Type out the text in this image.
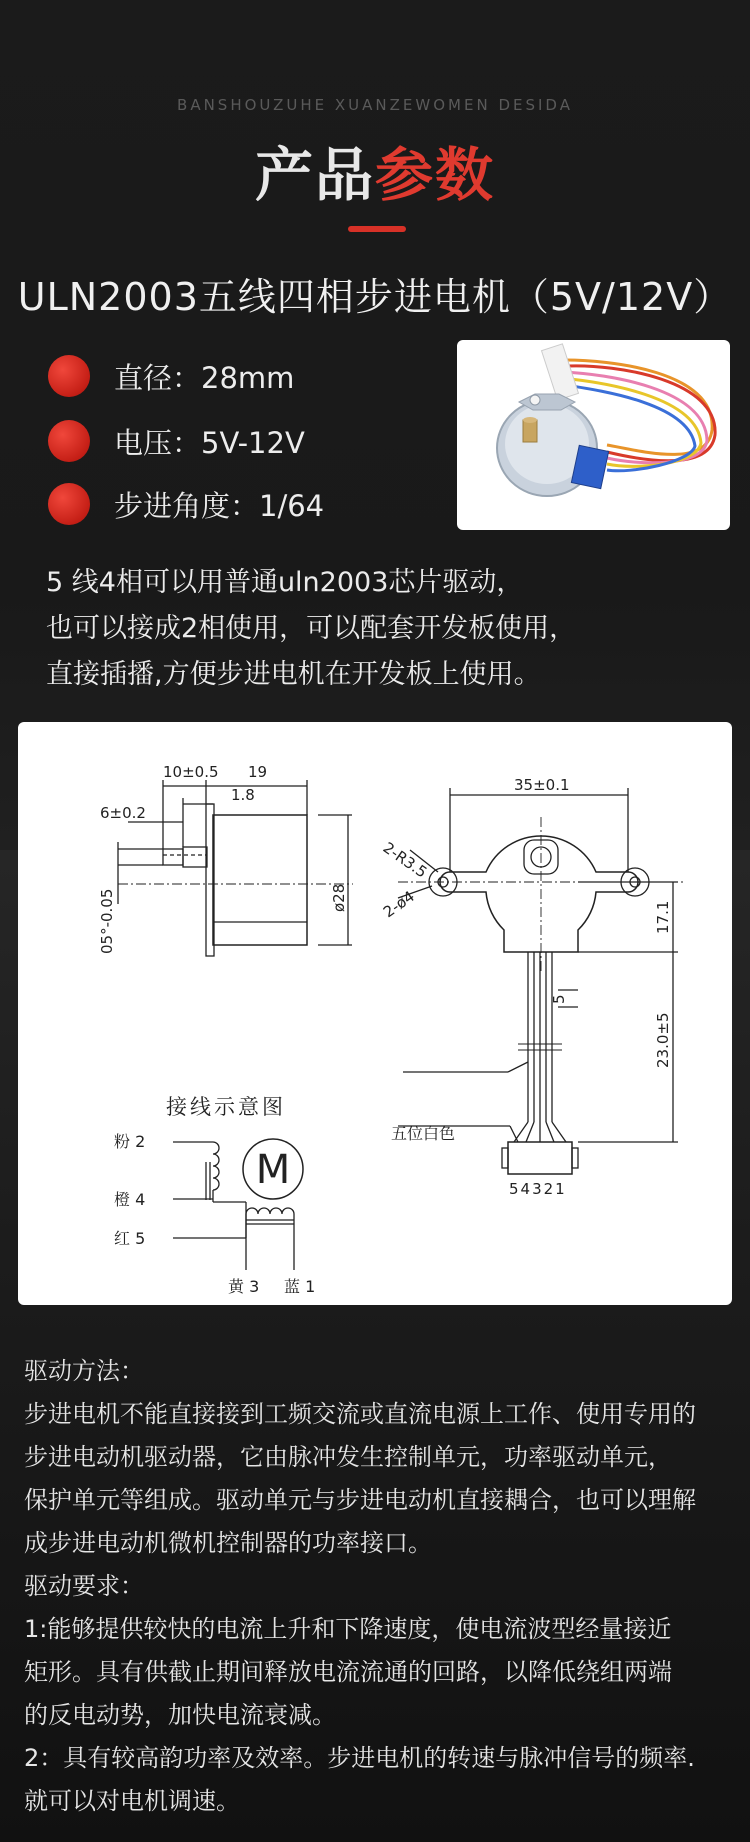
BANSHOUZUHE XUANZEWOMEN DESIDA
产品参数
ULN2003五线四相步进电机（5V/12V）
直径：28mm
电压：5V-12V
步进角度：1/64
5 线4相可以用普通uln2003芯片驱动，
也可以接成2相使用，可以配套开发板使用，
直接插播,方便步进电机在开发板上使用。
10±0.5 19
1.8
6±0.2
05°-0.05	ø28
35±0.1
2-R3.5
2-ø4	17.1
5
23.0±5
五位白色
54321
接线示意图
粉 2
橙 4
红 5
黄 3 蓝 1
M
驱动方法：
步进电机不能直接接到工频交流或直流电源上工作、使用专用的
步进电动机驱动器，它由脉冲发生控制单元，功率驱动单元，
保护单元等组成。驱动单元与步进电动机直接耦合，也可以理解
成步进电动机微机控制器的功率接口。
驱动要求：
1:能够提供较快的电流上升和下降速度，使电流波型经量接近
矩形。具有供截止期间释放电流流通的回路，以降低绕组两端
的反电动势，加快电流衰减。
2：具有较高韵功率及效率。步进电机的转速与脉冲信号的频率.
就可以对电机调速。
